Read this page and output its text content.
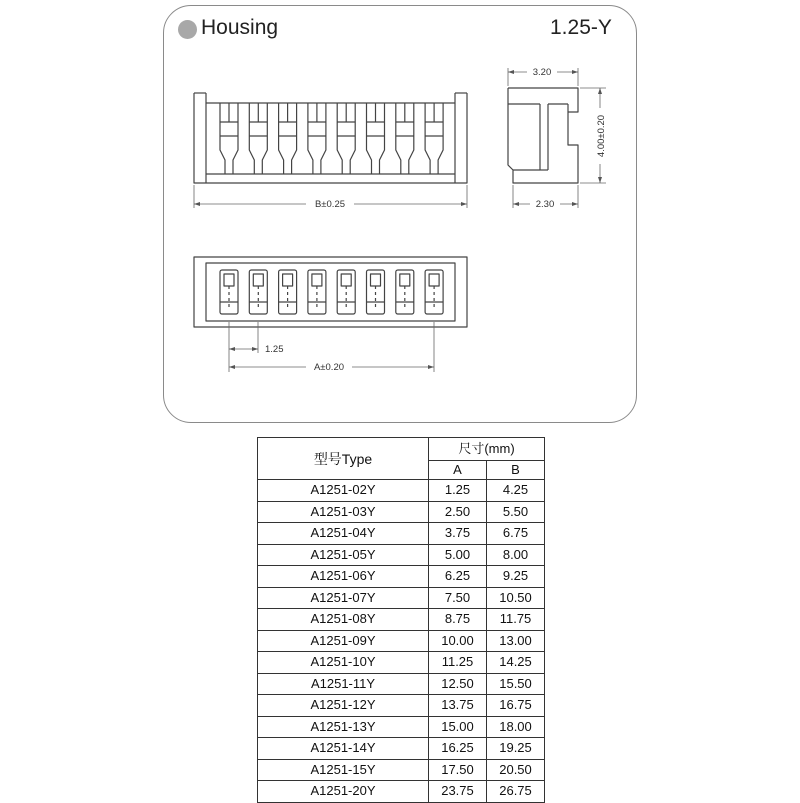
Housing	1.25-Y
3.20
4.00±0.20
2.30
B±0.25
1.25
A±0.20
型号Type	尺寸(mm)	
	A	B
A1251-02Y	1.25	4.25
A1251-03Y	2.50	5.50
A1251-04Y	3.75	6.75
A1251-05Y	5.00	8.00
A1251-06Y	6.25	9.25
A1251-07Y	7.50	10.50
A1251-08Y	8.75	11.75
A1251-09Y	10.00	13.00
A1251-10Y	11.25	14.25
A1251-11Y	12.50	15.50
A1251-12Y	13.75	16.75
A1251-13Y	15.00	18.00
A1251-14Y	16.25	19.25
A1251-15Y	17.50	20.50
A1251-20Y	23.75	26.75
